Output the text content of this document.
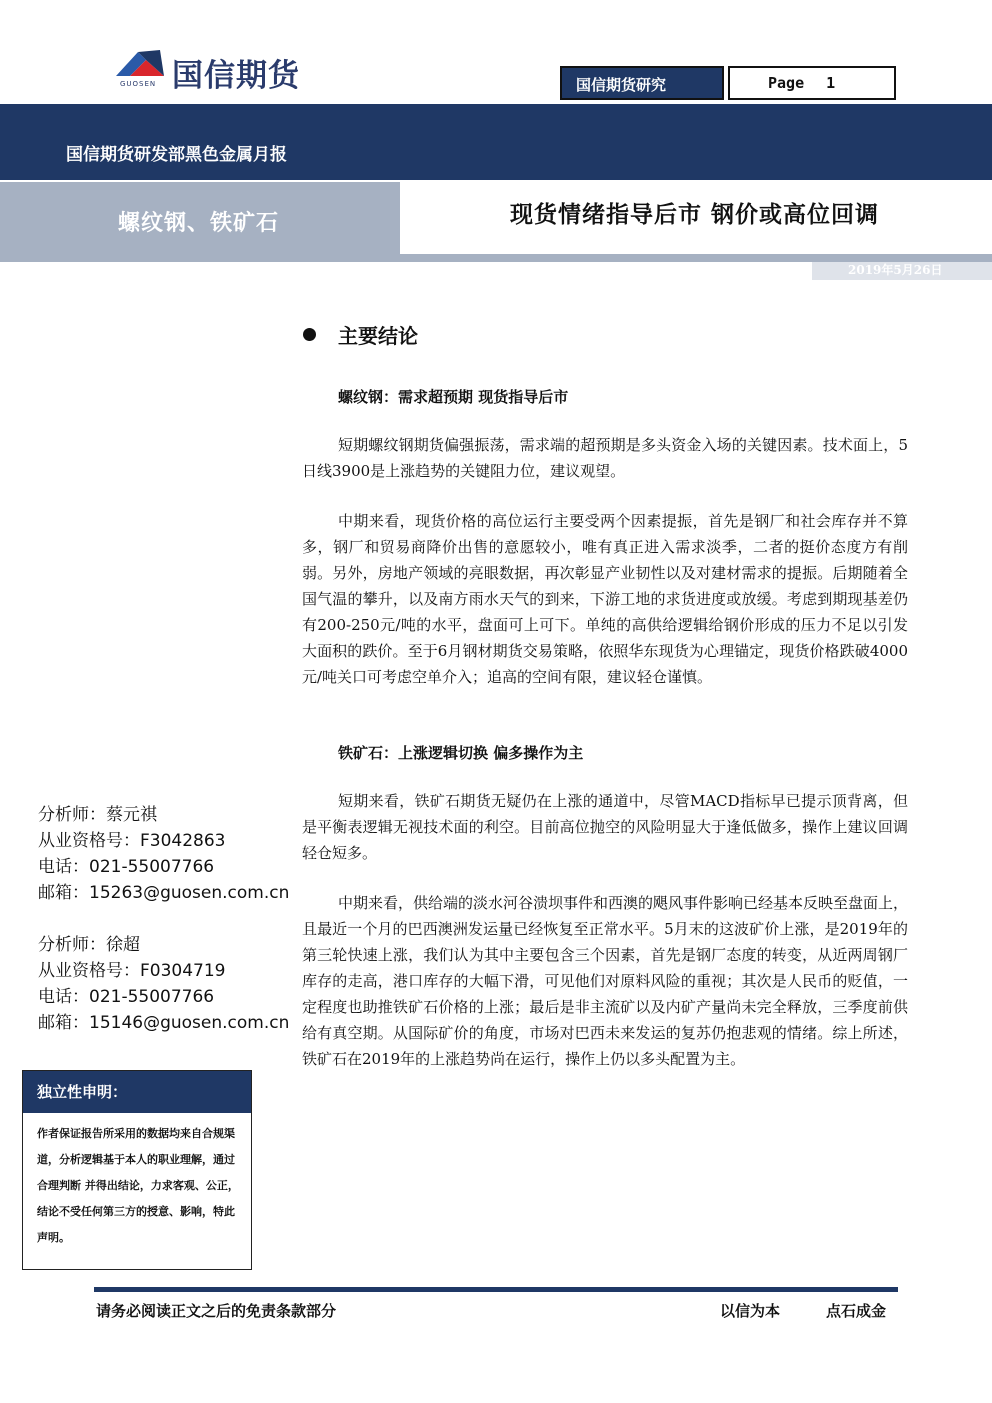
国信期货
GUOSEN	国信期货研究	Page 1
国信期货研发部黑色金属月报
螺纹钢、铁矿石	现货情绪指导后市 钢价或高位回调
2019年5月26日
主要结论
螺纹钢：需求超预期 现货指导后市

短期螺纹钢期货偏强振荡，需求端的超预期是多头资金入场的关键因素。技术面上，5日线3900是上涨趋势的关键阻力位，建议观望。

中期来看，现货价格的高位运行主要受两个因素提振，首先是钢厂和社会库存并不算多，钢厂和贸易商降价出售的意愿较小，唯有真正进入需求淡季，二者的挺价态度方有削弱。另外，房地产领域的亮眼数据，再次彰显产业韧性以及对建材需求的提振。后期随着全国气温的攀升，以及南方雨水天气的到来，下游工地的求货进度或放缓。考虑到期现基差仍有200-250元/吨的水平，盘面可上可下。单纯的高供给逻辑给钢价形成的压力不足以引发大面积的跌价。至于6月钢材期货交易策略，依照华东现货为心理锚定，现货价格跌破4000元/吨关口可考虑空单介入；追高的空间有限，建议轻仓谨慎。

铁矿石：上涨逻辑切换 偏多操作为主

短期来看，铁矿石期货无疑仍在上涨的通道中，尽管MACD指标早已提示顶背离，但是平衡表逻辑无视技术面的利空。目前高位抛空的风险明显大于逢低做多，操作上建议回调轻仓短多。

中期来看，供给端的淡水河谷溃坝事件和西澳的飓风事件影响已经基本反映至盘面上，且最近一个月的巴西澳洲发运量已经恢复至正常水平。5月末的这波矿价上涨，是2019年的第三轮快速上涨，我们认为其中主要包含三个因素，首先是钢厂态度的转变，从近两周钢厂库存的走高，港口库存的大幅下滑，可见他们对原料风险的重视；其次是人民币的贬值，一定程度也助推铁矿石价格的上涨；最后是非主流矿以及内矿产量尚未完全释放，三季度前供给有真空期。从国际矿价的角度，市场对巴西未来发运的复苏仍抱悲观的情绪。综上所述，铁矿石在2019年的上涨趋势尚在运行，操作上仍以多头配置为主。

分析师：蔡元祺
从业资格号：F3042863
电话：021-55007766
邮箱：15263@guosen.com.cn
分析师：徐超
从业资格号：F0304719
电话：021-55007766
邮箱：15146@guosen.com.cn
独立性申明：
作者保证报告所采用的数据均来自合规渠道，分析逻辑基于本人的职业理解，通过合理判断 并得出结论，力求客观、公正，结论不受任何第三方的授意、影响，特此声明。
请务必阅读正文之后的免责条款部分	以信为本	点石成金
